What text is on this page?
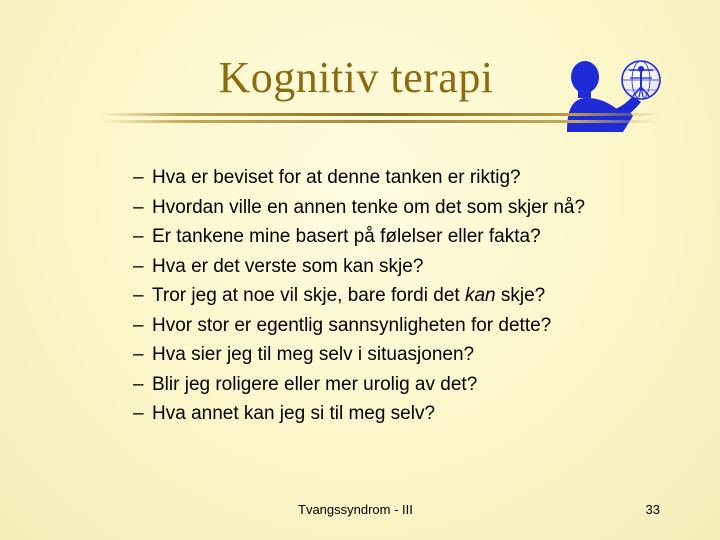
Kognitiv terapi
– Hva er beviset for at denne tanken er riktig?
– Hvordan ville en annen tenke om det som skjer nå?
– Er tankene mine basert på følelser eller fakta?
– Hva er det verste som kan skje?
– Tror jeg at noe vil skje, bare fordi det kan skje?
– Hvor stor er egentlig sannsynligheten for dette?
– Hva sier jeg til meg selv i situasjonen?
– Blir jeg roligere eller mer urolig av det?
– Hva annet kan jeg si til meg selv?
Tvangssyndrom - III	33
